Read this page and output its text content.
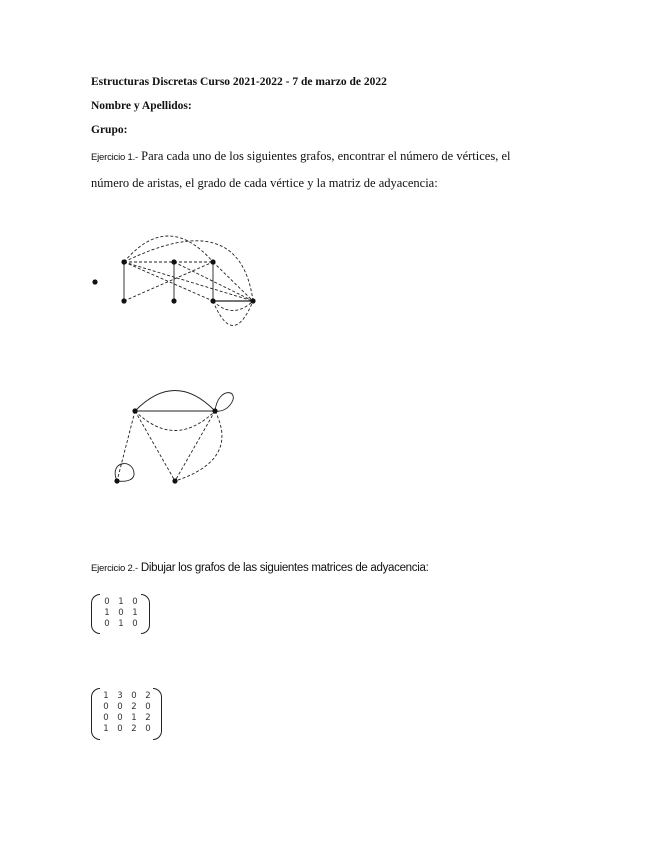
Estructuras Discretas Curso 2021-2022 - 7 de marzo de 2022
Nombre y Apellidos:
Grupo:
Ejercicio 1.- Para cada uno de los siguientes grafos, encontrar el número de vértices, el
número de aristas, el grado de cada vértice y la matriz de adyacencia:
Ejercicio 2.- Dibujar los grafos de las siguientes matrices de adyacencia:
0	1	0
1	0	1
0	1	0
1	3	0	2
0	0	2	0
0	0	1	2
1	0	2	0
